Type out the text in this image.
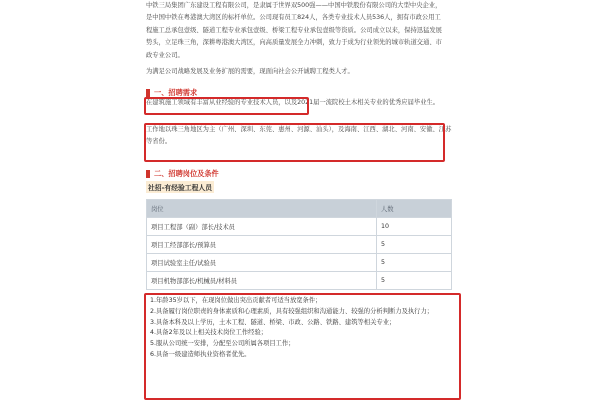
中铁三局集团广东建设工程有限公司，是隶属于世界双500强——中国中铁股份有限公司的大型中央企业，是中国中铁在粤港澳大湾区的标杆单位。公司现有员工824人，各类专业技术人员536人，拥有市政公用工程施工总承包壹级、隧道工程专业承包壹级、桥梁工程专业承包壹级等资质。公司成立以来，保持迅猛发展势头，立足珠三角，深耕粤港澳大湾区，向高质量发展全力冲刺，致力于成为行业领先的城市轨道交通、市政专业公司。

为满足公司战略发展及业务扩展的需要，现面向社会公开诚聘工程类人才。

一、招聘需求
在建筑施工领域有丰富从业经验的专业技术人员，以及2021届一流院校土木相关专业的优秀应届毕业生。
工作地以珠三角地区为主（广州、深圳、东莞、惠州、河源、汕头），及海南、江西、湖北、河南、安徽、江苏等省份。
二、招聘岗位及条件
社招-有经验工程人员
岗位	人数
项目工程部（副）部长/技术员	10
项目工经部部长/预算员	5
项目试验室主任/试验员	5
项目机物部部长/机械员/材料员	5
1.年龄35岁以下，在现岗位做出突出贡献者可适当放宽条件；
2.具备履行岗位职责的身体素质和心理素质，具有较强组织和沟通能力、较强的分析判断力及执行力；
3.具备本科及以上学历，土木工程、隧道、桥梁、市政、公路、铁路、建筑等相关专业；
4.具备2年及以上相关技术岗位工作经验；
5.服从公司统一安排，分配至公司所属各项目工作；
6.具备一级建造师执业资格者优先。
